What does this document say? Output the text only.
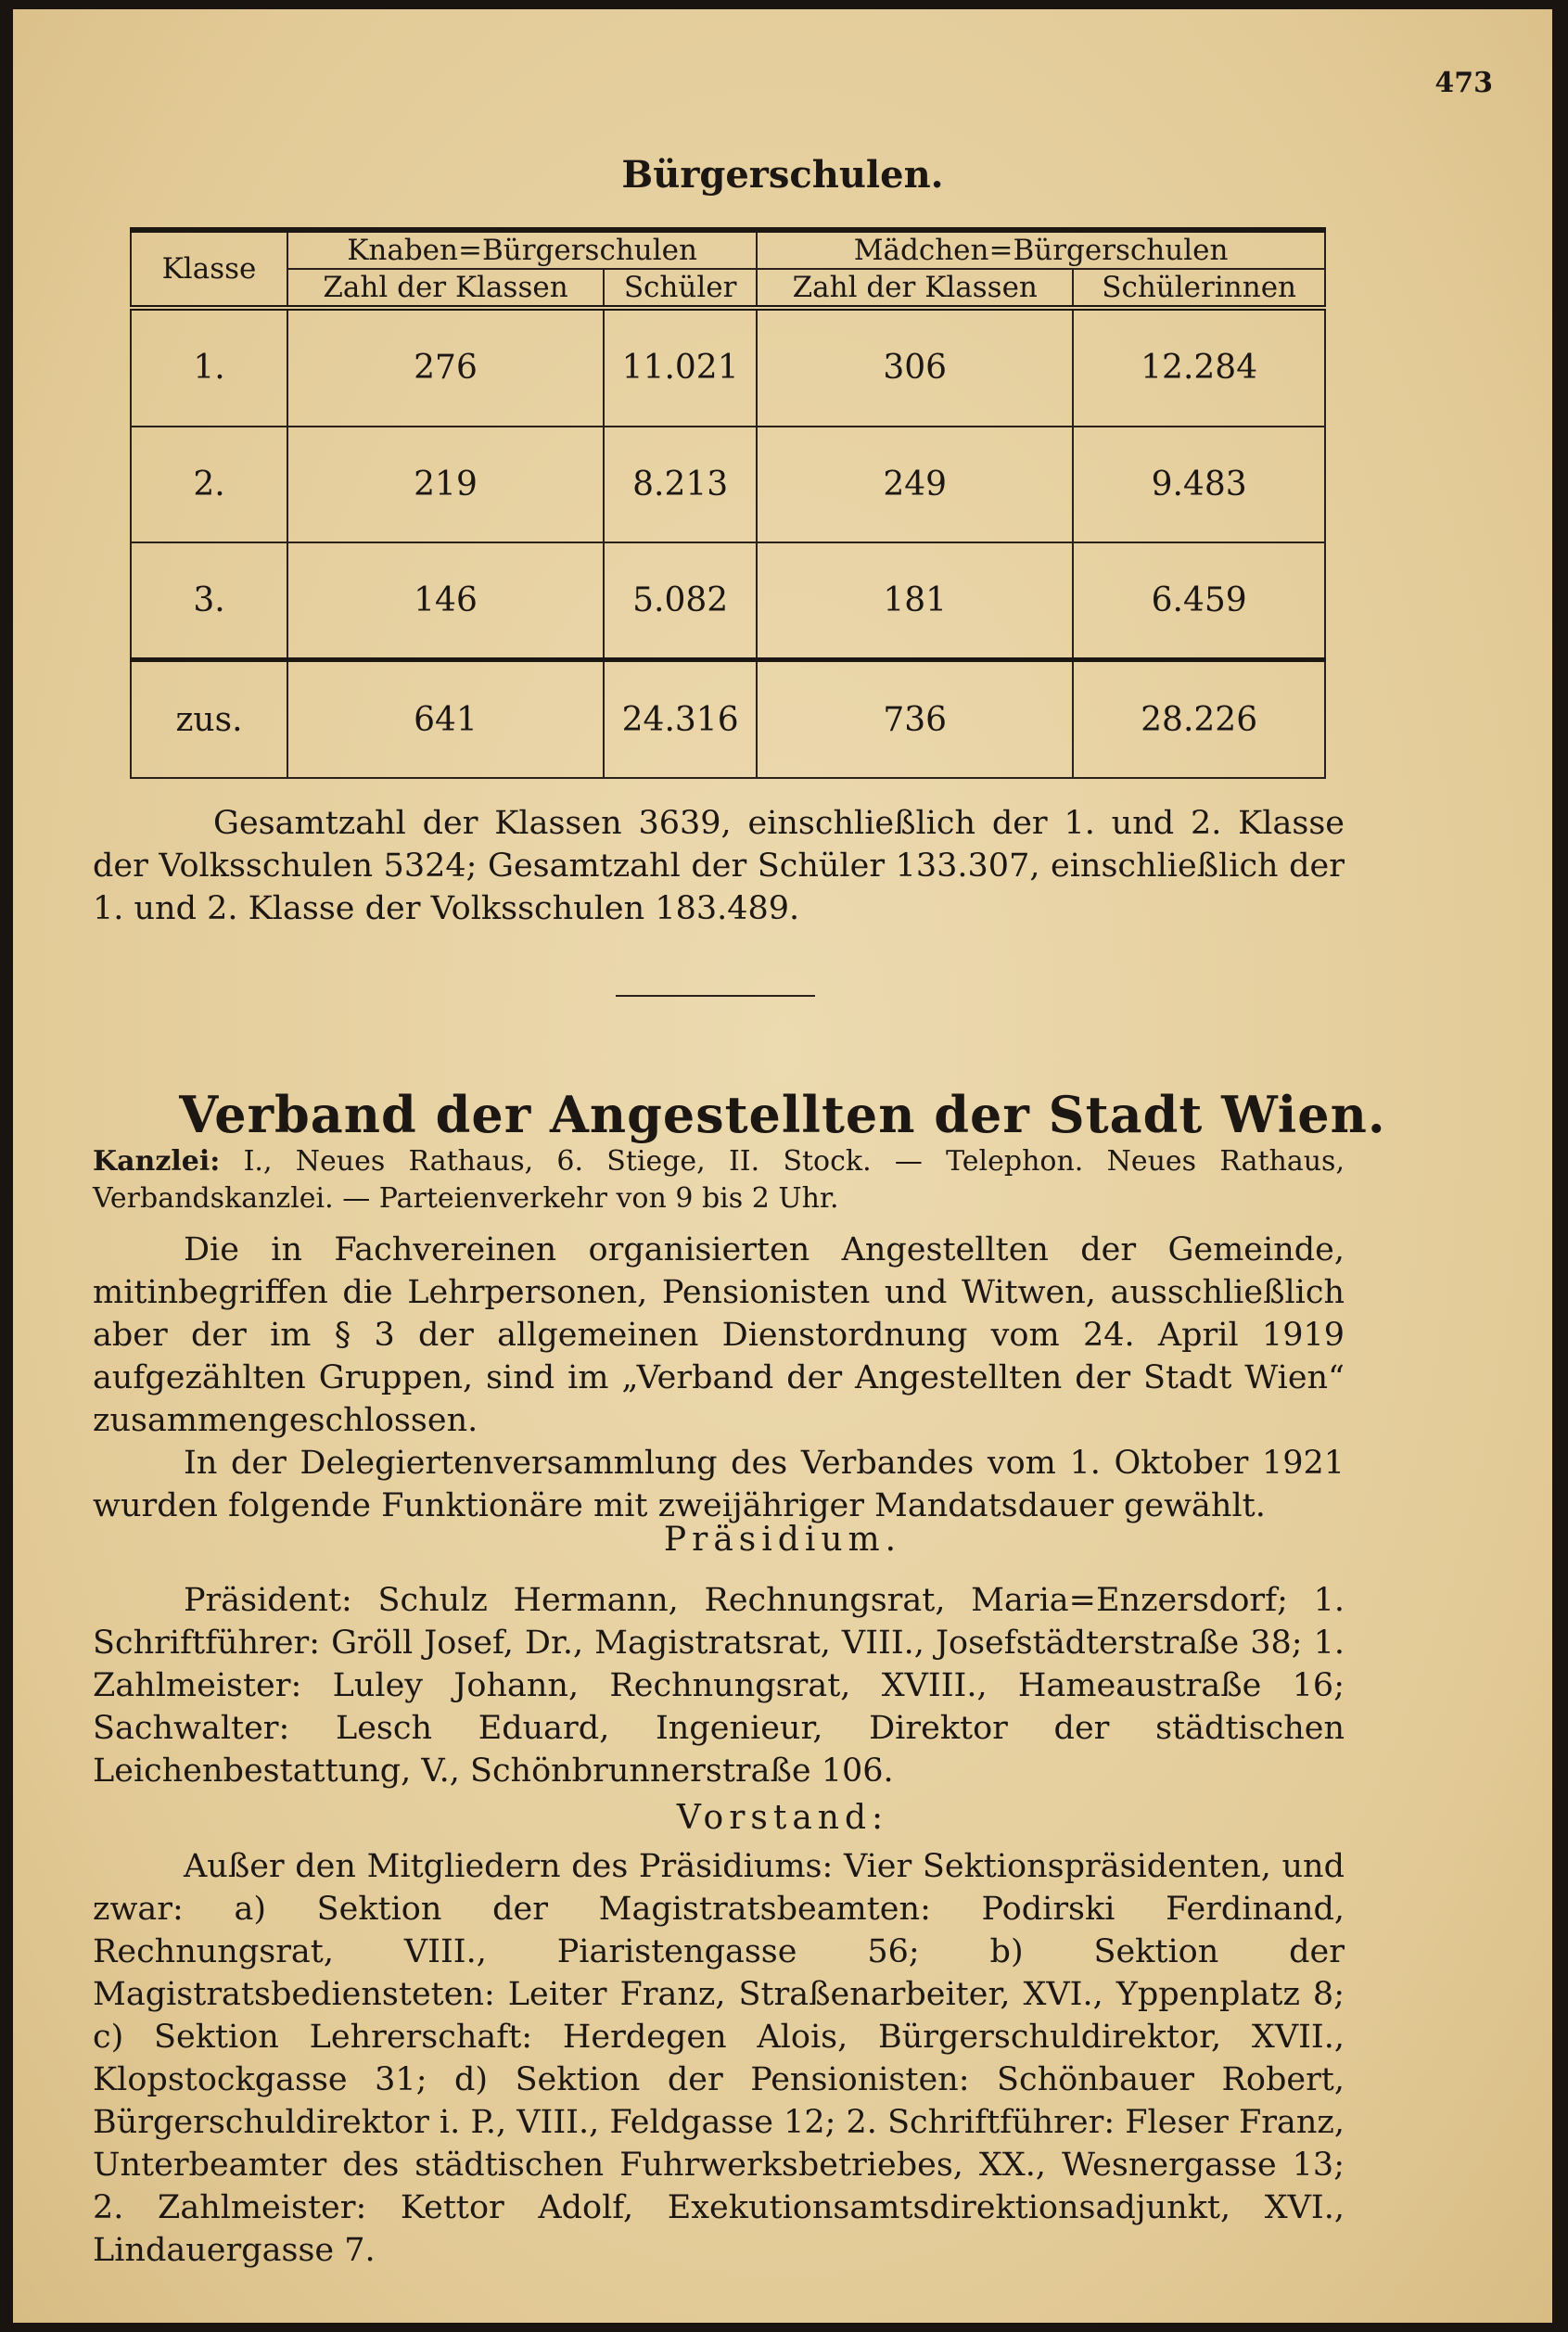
473
Bürgerschulen.
Klasse	Knaben=Bürgerschulen		Mädchen=Bürgerschulen	
	Zahl der Klassen	Schüler	Zahl der Klassen	Schülerinnen
1.	276	11.021	306	12.284
2.	219	8.213	249	9.483
3.	146	5.082	181	6.459
zus.	641	24.316	736	28.226
Gesamtzahl der Klassen 3639, einschließlich der 1. und 2. Klasse der Volksschulen 5324; Gesamtzahl der Schüler 133.307, einschließlich der 1. und 2. Klasse der Volksschulen 183.489.
Verband der Angestellten der Stadt Wien.
Kanzlei: I., Neues Rathaus, 6. Stiege, II. Stock. — Telephon. Neues Rathaus, Verbandskanzlei. — Parteienverkehr von 9 bis 2 Uhr.

Die in Fachvereinen organisierten Angestellten der Gemeinde, mitinbegriffen die Lehrpersonen, Pensionisten und Witwen, ausschließlich aber der im § 3 der allgemeinen Dienstordnung vom 24. April 1919 aufgezählten Gruppen, sind im „Verband der Angestellten der Stadt Wien“ zusammengeschlossen.

In der Delegiertenversammlung des Verbandes vom 1. Oktober 1921 wurden folgende Funktionäre mit zweijähriger Mandatsdauer gewählt.

Präsidium.
Präsident: Schulz Hermann, Rechnungsrat, Maria=Enzersdorf; 1. Schriftführer: Gröll Josef, Dr., Magistratsrat, VIII., Josefstädterstraße 38; 1. Zahlmeister: Luley Johann, Rechnungsrat, XVIII., Hameaustraße 16; Sachwalter: Lesch Eduard, Ingenieur, Direktor der städtischen Leichenbestattung, V., Schönbrunnerstraße 106.
Vorstand:
Außer den Mitgliedern des Präsidiums: Vier Sektionspräsidenten, und zwar: a) Sektion der Magistratsbeamten: Podirski Ferdinand, Rechnungsrat, VIII., Piaristengasse 56; b) Sektion der Magistratsbediensteten: Leiter Franz, Straßenarbeiter, XVI., Yppenplatz 8; c) Sektion Lehrerschaft: Herdegen Alois, Bürgerschuldirektor, XVII., Klopstockgasse 31; d) Sektion der Pensionisten: Schönbauer Robert, Bürgerschuldirektor i. P., VIII., Feldgasse 12; 2. Schriftführer: Fleser Franz, Unterbeamter des städtischen Fuhrwerksbetriebes, XX., Wesnergasse 13; 2. Zahlmeister: Kettor Adolf, Exekutionsamtsdirektionsadjunkt, XVI., Lindauergasse 7.
